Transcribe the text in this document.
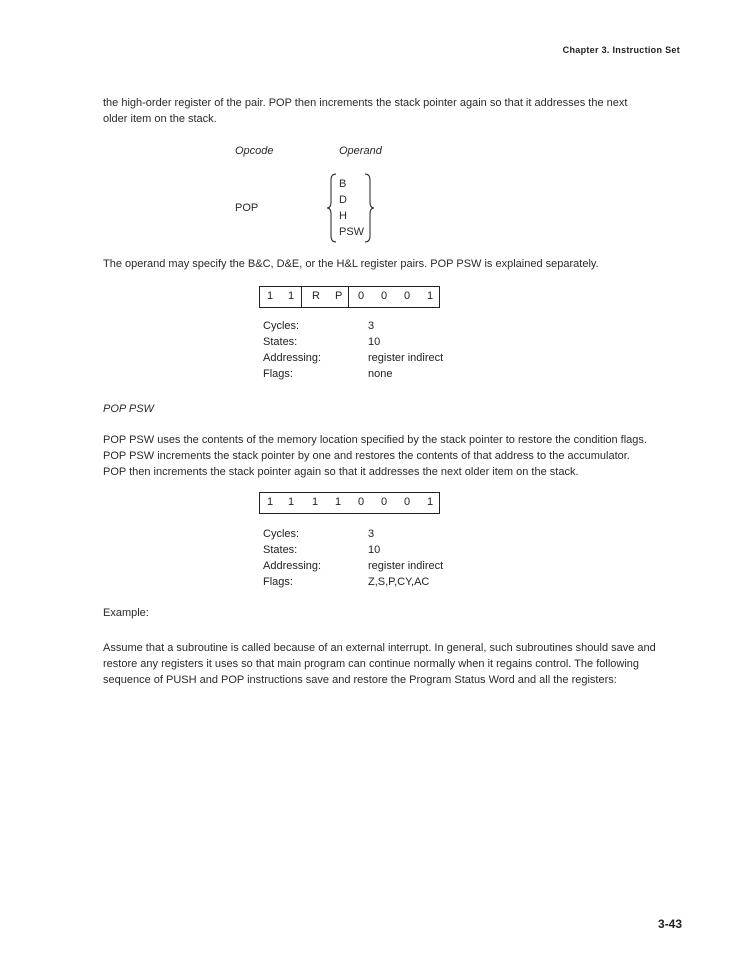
Chapter 3. Instruction Set
the high-order register of the pair. POP then increments the stack pointer again so that it addresses the next
older item on the stack.
Opcode	Operand
POP
B
D
H
PSW
The operand may specify the B&C, D&E, or the H&L register pairs. POP PSW is explained separately.
1 1 R P 0 0 0 1
Cycles:	3
States:	10
Addressing:	register indirect
Flags:	none
POP PSW
POP PSW uses the contents of the memory location specified by the stack pointer to restore the condition flags.
POP PSW increments the stack pointer by one and restores the contents of that address to the accumulator.
POP then increments the stack pointer again so that it addresses the next older item on the stack.
1 1 1 1 0 0 0 1
Cycles:	3
States:	10
Addressing:	register indirect
Flags:	Z,S,P,CY,AC
Example:
Assume that a subroutine is called because of an external interrupt. In general, such subroutines should save and
restore any registers it uses so that main program can continue normally when it regains control. The following
sequence of PUSH and POP instructions save and restore the Program Status Word and all the registers:
3-43
